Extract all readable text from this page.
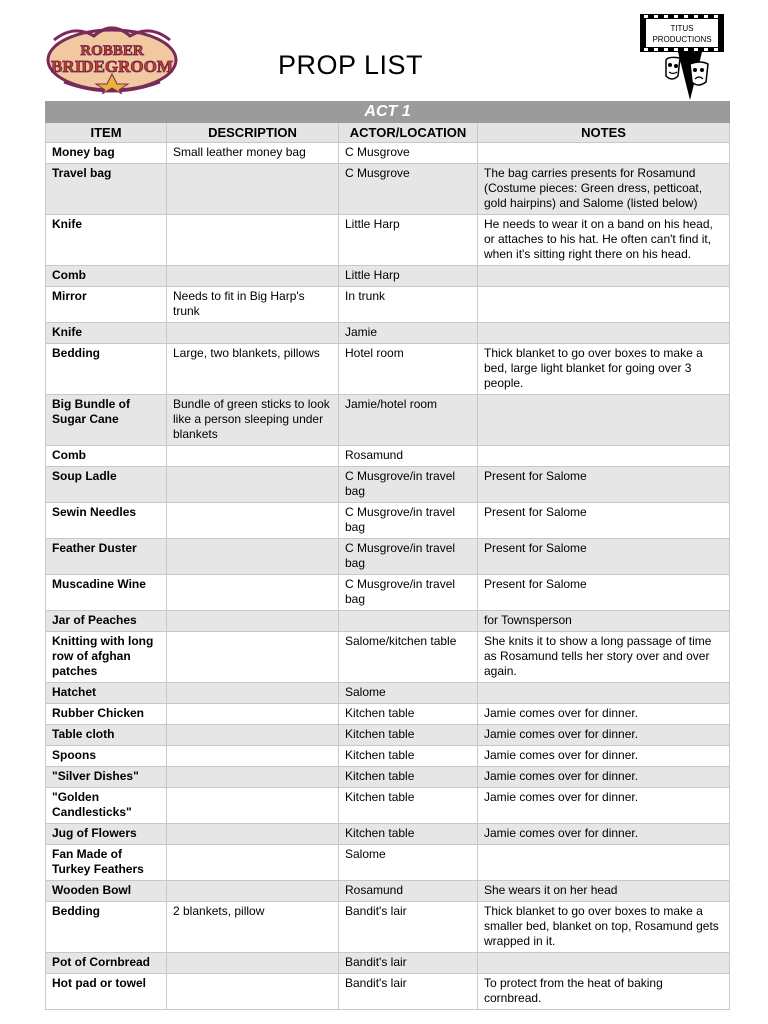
ROBBER
BRIDEGROOM	PROP LIST
TITUS
PRODUCTIONS
ACT 1			
ITEM	DESCRIPTION	ACTOR/LOCATION	NOTES
Money bag	Small leather money bag	C Musgrove	
Travel bag		C Musgrove	The bag carries presents for Rosamund (Costume pieces: Green dress, petticoat, gold hairpins) and Salome (listed below)
Knife		Little Harp	He needs to wear it on a band on his head, or attaches to his hat. He often can't find it, when it's sitting right there on his head.
Comb		Little Harp	
Mirror	Needs to fit in Big Harp's trunk	In trunk	
Knife		Jamie	
Bedding	Large, two blankets, pillows	Hotel room	Thick blanket to go over boxes to make a bed, large light blanket for going over 3 people.
Big Bundle of Sugar Cane	Bundle of green sticks to look like a person sleeping under blankets	Jamie/hotel room	
Comb		Rosamund	
Soup Ladle		C Musgrove/in travel bag	Present for Salome
Sewin Needles		C Musgrove/in travel bag	Present for Salome
Feather Duster		C Musgrove/in travel bag	Present for Salome
Muscadine Wine		C Musgrove/in travel bag	Present for Salome
Jar of Peaches			for Townsperson
Knitting with long row of afghan patches		Salome/kitchen table	She knits it to show a long passage of time as Rosamund tells her story over and over again.
Hatchet		Salome	
Rubber Chicken		Kitchen table	Jamie comes over for dinner.
Table cloth		Kitchen table	Jamie comes over for dinner.
Spoons		Kitchen table	Jamie comes over for dinner.
"Silver Dishes"		Kitchen table	Jamie comes over for dinner.
"Golden Candlesticks"		Kitchen table	Jamie comes over for dinner.
Jug of Flowers		Kitchen table	Jamie comes over for dinner.
Fan Made of Turkey Feathers		Salome	
Wooden Bowl		Rosamund	She wears it on her head
Bedding	2 blankets, pillow	Bandit's lair	Thick blanket to go over boxes to make a smaller bed, blanket on top, Rosamund gets wrapped in it.
Pot of Cornbread		Bandit's lair	
Hot pad or towel		Bandit's lair	To protect from the heat of baking cornbread.
